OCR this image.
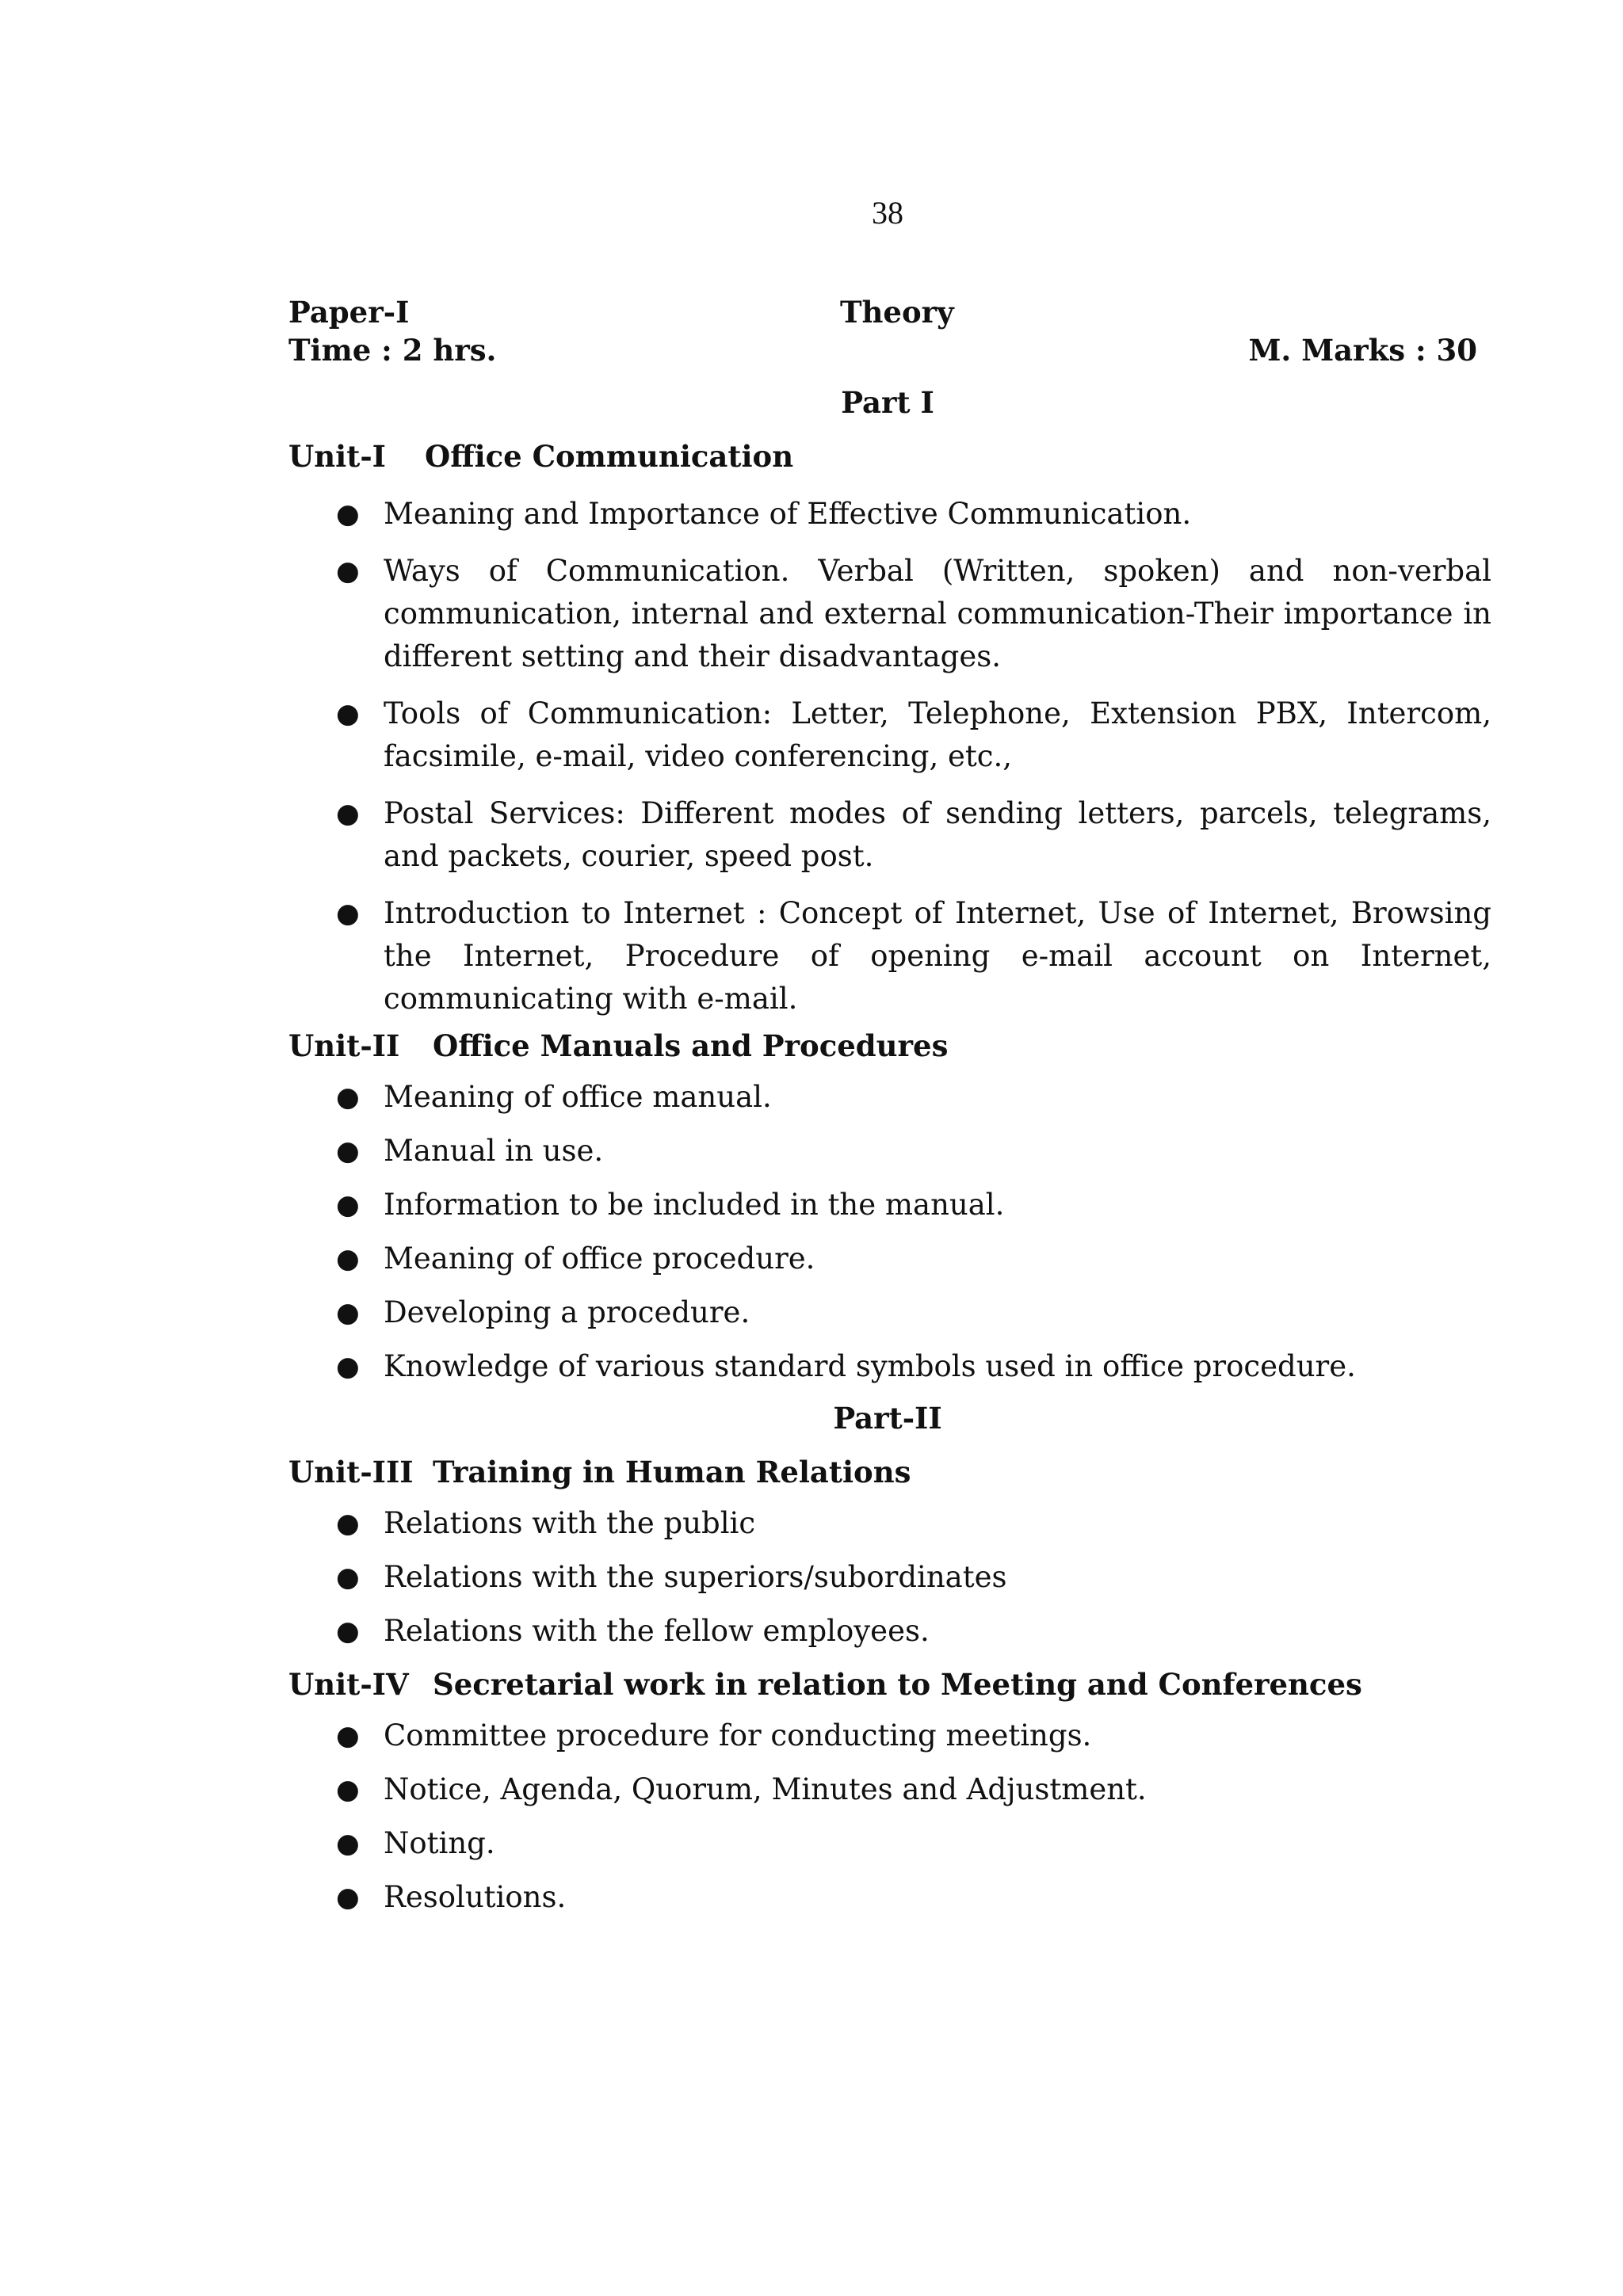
38
Paper-I	Theory
Time : 2 hrs.	M. Marks : 30
Part I
Unit-I Office Communication
● Meaning and Importance of Effective Communication.
● Ways of Communication. Verbal (Written, spoken) and non-verbal communication, internal and external communication-Their importance in different setting and their disadvantages.
● Tools of Communication: Letter, Telephone, Extension PBX, Intercom, facsimile, e-mail, video conferencing, etc.,
● Postal Services: Different modes of sending letters, parcels, telegrams, and packets, courier, speed post.
● Introduction to Internet : Concept of Internet, Use of Internet, Browsing the Internet, Procedure of opening e-mail account on Internet, communicating with e-mail.
Unit-II Office Manuals and Procedures
● Meaning of office manual.
● Manual in use.
● Information to be included in the manual.
● Meaning of office procedure.
● Developing a procedure.
● Knowledge of various standard symbols used in office procedure.
Part-II
Unit-III Training in Human Relations
● Relations with the public
● Relations with the superiors/subordinates
● Relations with the fellow employees.
Unit-IV Secretarial work in relation to Meeting and Conferences
● Committee procedure for conducting meetings.
● Notice, Agenda, Quorum, Minutes and Adjustment.
● Noting.
● Resolutions.
